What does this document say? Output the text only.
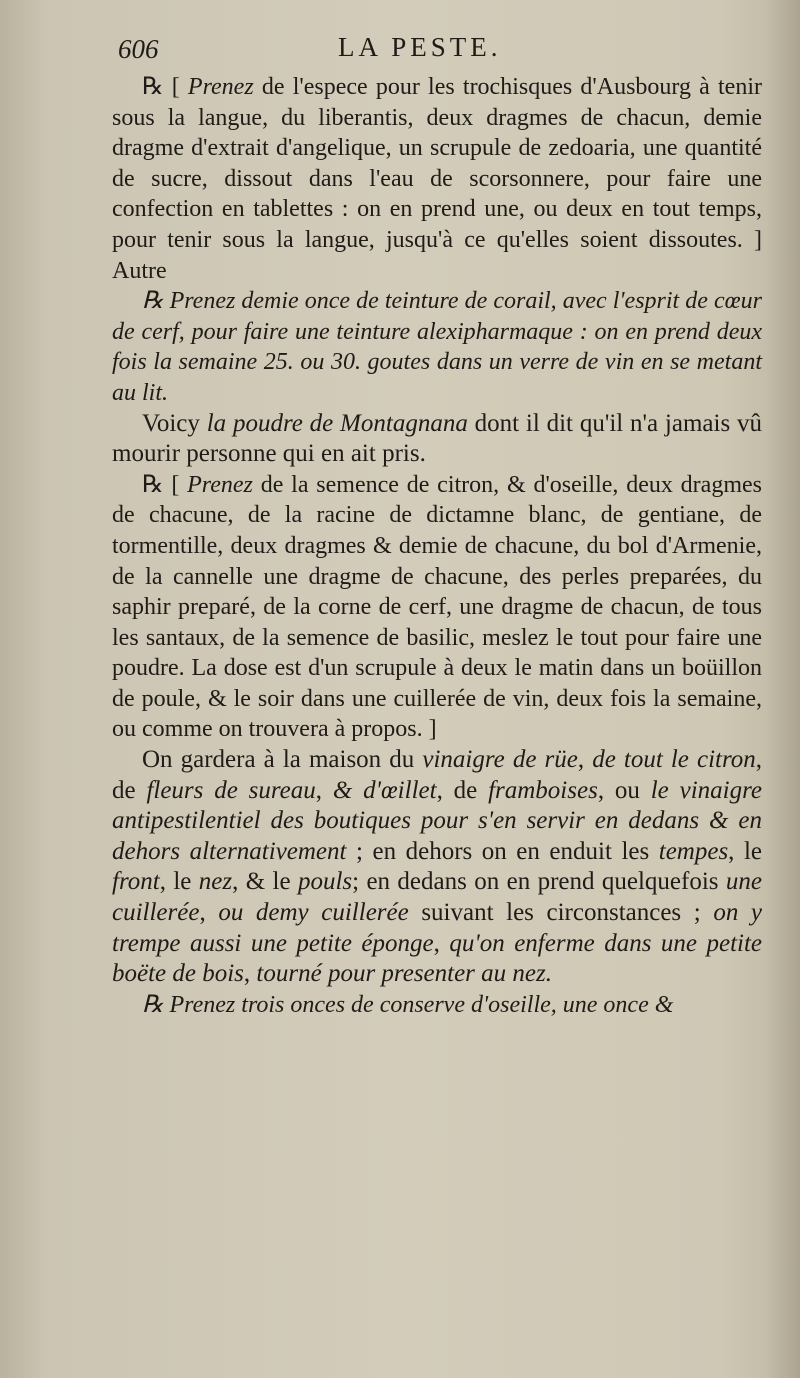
606	LA PESTE.

℞ [ Prenez de l'espece pour les trochisques d'Ausbourg à tenir sous la langue, du liberantis, deux dragmes de chacun, demie dragme d'extrait d'angelique, un scrupule de zedoaria, une quantité de sucre, dissout dans l'eau de scorsonnere, pour faire une confection en tablettes : on en prend une, ou deux en tout temps, pour tenir sous la langue, jusqu'à ce qu'elles soient dissoutes. ] Autre

℞ Prenez demie once de teinture de corail, avec l'esprit de cœur de cerf, pour faire une teinture alexipharmaque : on en prend deux fois la semaine 25. ou 30. goutes dans un verre de vin en se metant au lit.

Voicy la poudre de Montagnana dont il dit qu'il n'a jamais vû mourir personne qui en ait pris.

℞ [ Prenez de la semence de citron, & d'oseille, deux dragmes de chacune, de la racine de dictamne blanc, de gentiane, de tormentille, deux dragmes & demie de chacune, du bol d'Armenie, de la cannelle une dragme de chacune, des perles preparées, du saphir preparé, de la corne de cerf, une dragme de chacun, de tous les santaux, de la semence de basilic, meslez le tout pour faire une poudre. La dose est d'un scrupule à deux le matin dans un boüillon de poule, & le soir dans une cuillerée de vin, deux fois la semaine, ou comme on trouvera à propos. ]

On gardera à la maison du vinaigre de rüe, de tout le citron, de fleurs de sureau, & d'œillet, de framboises, ou le vinaigre antipestilentiel des boutiques pour s'en servir en dedans & en dehors alternativement ; en dehors on en enduit les tempes, le front, le nez, & le pouls; en dedans on en prend quelquefois une cuillerée, ou demy cuillerée suivant les circonstances ; on y trempe aussi une petite éponge, qu'on enferme dans une petite boëte de bois, tourné pour presenter au nez.

℞ Prenez trois onces de conserve d'oseille, une once &
